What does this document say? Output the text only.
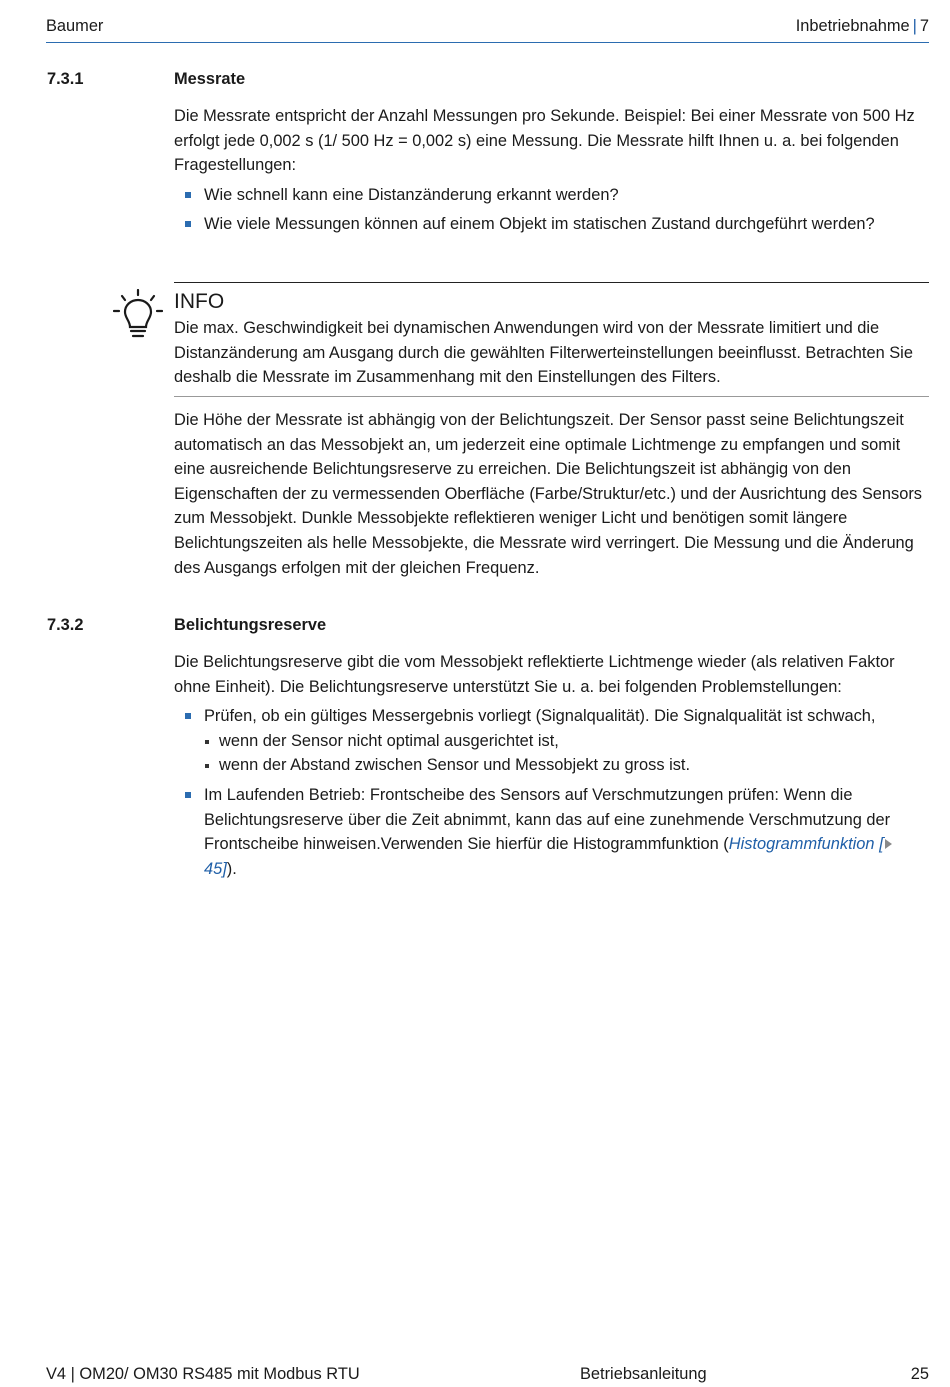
Baumer	Inbetriebnahme | 7
7.3.1	Messrate

Die Messrate entspricht der Anzahl Messungen pro Sekunde. Beispiel: Bei einer Messrate von 500 Hz erfolgt jede 0,002 s (1/ 500 Hz = 0,002 s) eine Messung. Die Messrate hilft Ihnen u. a. bei folgenden Fragestellungen:

Wie schnell kann eine Distanzänderung erkannt werden?
Wie viele Messungen können auf einem Objekt im statischen Zustand durchgeführt werden?
INFO
Die max. Geschwindigkeit bei dynamischen Anwendungen wird von der Messrate limitiert und die Distanzänderung am Ausgang durch die gewählten Filterwerteinstellungen beeinflusst. Betrachten Sie deshalb die Messrate im Zusammenhang mit den Einstellungen des Filters.
Die Höhe der Messrate ist abhängig von der Belichtungszeit. Der Sensor passt seine Belichtungszeit automatisch an das Messobjekt an, um jederzeit eine optimale Lichtmenge zu empfangen und somit eine ausreichende Belichtungsreserve zu erreichen. Die Belichtungszeit ist abhängig von den Eigenschaften der zu vermessenden Oberfläche (Farbe/Struktur/etc.) und der Ausrichtung des Sensors zum Messobjekt. Dunkle Messobjekte reflektieren weniger Licht und benötigen somit längere Belichtungszeiten als helle Messobjekte, die Messrate wird verringert. Die Messung und die Änderung des Ausgangs erfolgen mit der gleichen Frequenz.
7.3.2	Belichtungsreserve

Die Belichtungsreserve gibt die vom Messobjekt reflektierte Lichtmenge wieder (als relativen Faktor ohne Einheit). Die Belichtungsreserve unterstützt Sie u. a. bei folgenden Problemstellungen:

Prüfen, ob ein gültiges Messergebnis vorliegt (Signalqualität). Die Signalqualität ist schwach,
wenn der Sensor nicht optimal ausgerichtet ist,
wenn der Abstand zwischen Sensor und Messobjekt zu gross ist.
Im Laufenden Betrieb: Frontscheibe des Sensors auf Verschmutzungen prüfen: Wenn die Belichtungsreserve über die Zeit abnimmt, kann das auf eine zunehmende Verschmutzung der Frontscheibe hinweisen.Verwenden Sie hierfür die Histogrammfunktion (Histogrammfunktion [ 45]).
V4 | OM20/ OM30 RS485 mit Modbus RTU	Betriebsanleitung	25
